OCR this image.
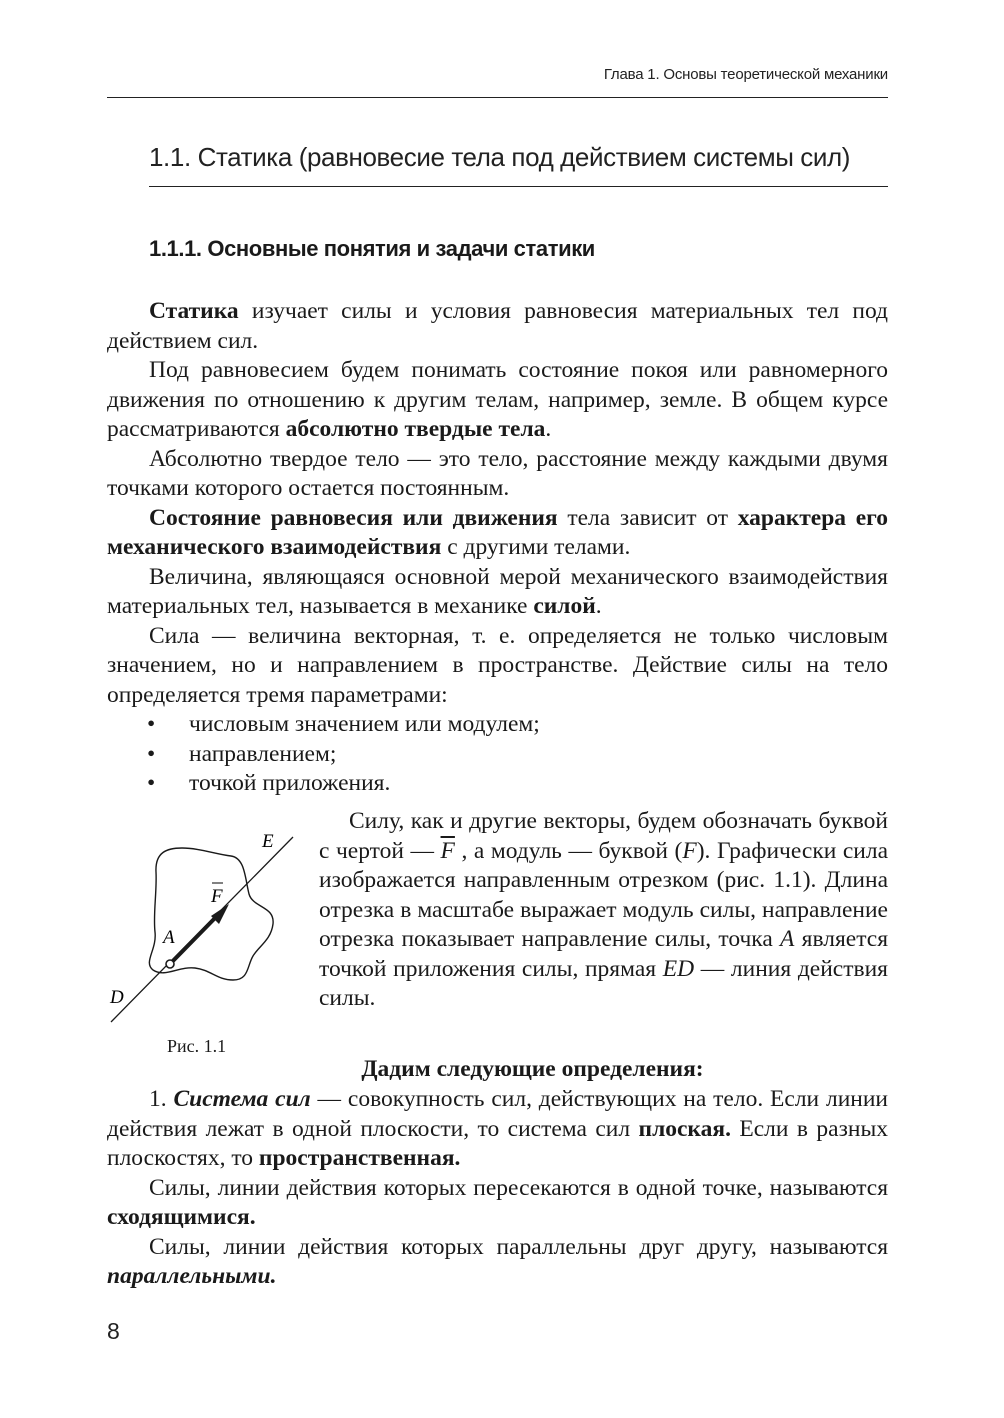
Глава 1. Основы теоретической механики
1.1. Статика (равновесие тела под действием системы сил)
1.1.1. Основные понятия и задачи статики

Статика изучает силы и условия равновесия материальных тел под действием сил.

Под равновесием будем понимать состояние покоя или равномерного движения по отношению к другим телам, например, земле. В общем курсе рассматриваются абсолютно твердые тела.

Абсолютно твердое тело — это тело, расстояние между каждыми двумя точками которого остается постоянным.

Состояние равновесия или движения тела зависит от характера его механического взаимодействия с другими телами.

Величина, являющаяся основной мерой механического взаимодействия материальных тел, называется в механике силой.

Сила — величина векторная, т. е. определяется не только числовым значением, но и направлением в пространстве. Действие силы на тело определяется тремя параметрами:

• числовым значением или модулем;

• направлением;

• точкой приложения.

F
E
A
D
Рис. 1.1

Силу, как и другие векторы, будем обозначать буквой с чертой — $\overline{F}$ , а модуль — буквой (F). Графически сила изображается направленным отрезком (рис. 1.1). Длина отрезка в масштабе выражает модуль силы, направление отрезка показывает направление силы, точка A является точкой приложения силы, прямая ED — линия действия силы.

Дадим следующие определения:

1. Система сил — совокупность сил, действующих на тело. Если линии действия лежат в одной плоскости, то система сил плоская. Если в разных плоскостях, то пространственная.

Силы, линии действия которых пересекаются в одной точке, называются сходящимися.

Силы, линии действия которых параллельны друг другу, называются параллельными.

8
